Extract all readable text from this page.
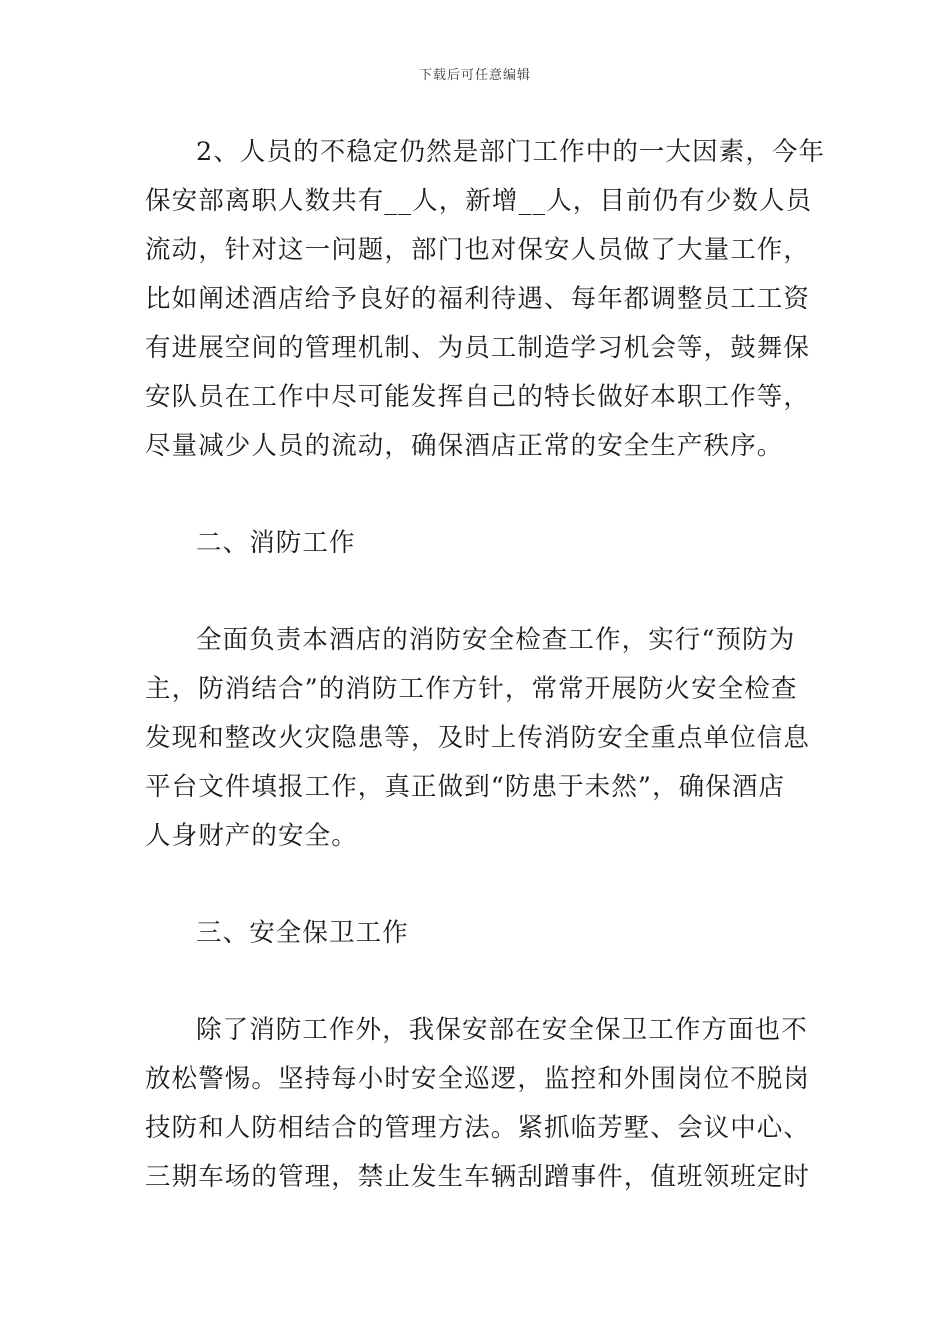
下载后可任意编辑
2、人员的不稳定仍然是部门工作中的一大因素，今年
保安部离职人数共有__人，新增__人，目前仍有少数人员
流动，针对这一问题，部门也对保安人员做了大量工作，
比如阐述酒店给予良好的福利待遇、每年都调整员工工资
有进展空间的管理机制、为员工制造学习机会等，鼓舞保
安队员在工作中尽可能发挥自己的特长做好本职工作等，
尽量减少人员的流动，确保酒店正常的安全生产秩序。
二、消防工作
全面负责本酒店的消防安全检查工作，实行“预防为
主，防消结合”的消防工作方针，常常开展防火安全检查
发现和整改火灾隐患等，及时上传消防安全重点单位信息
平台文件填报工作，真正做到“防患于未然”，确保酒店
人身财产的安全。
三、安全保卫工作
除了消防工作外，我保安部在安全保卫工作方面也不
放松警惕。坚持每小时安全巡逻，监控和外围岗位不脱岗
技防和人防相结合的管理方法。紧抓临芳墅、会议中心、
三期车场的管理，禁止发生车辆刮蹭事件，值班领班定时
